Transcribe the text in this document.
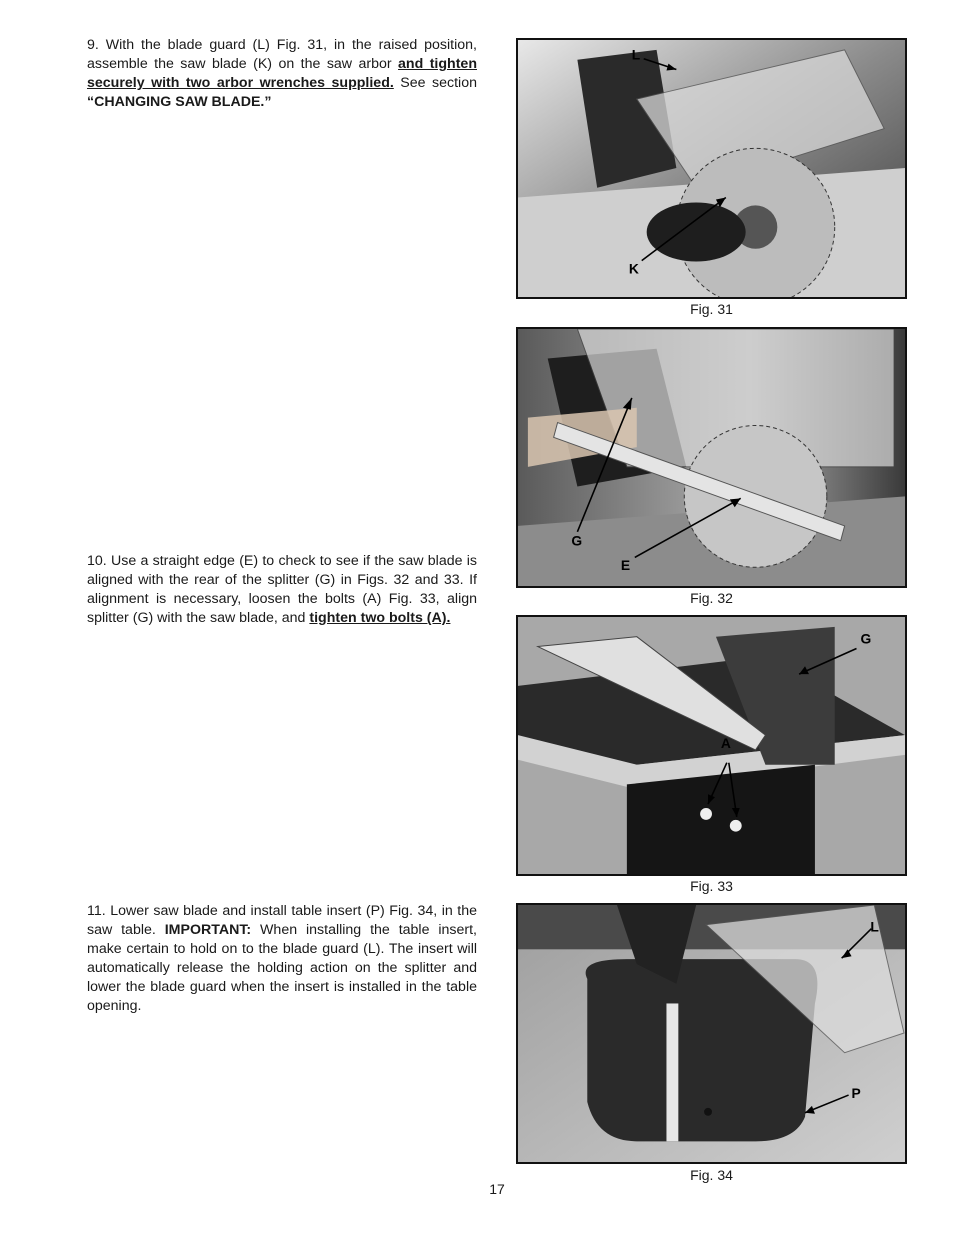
9. With the blade guard (L) Fig. 31, in the raised position, assemble the saw blade (K) on the saw arbor and tighten securely with two arbor wrenches supplied. See section “CHANGING SAW BLADE.”

10. Use a straight edge (E) to check to see if the saw blade is aligned with the rear of the splitter (G) in Figs. 32 and 33. If alignment is necessary, loosen the bolts (A) Fig. 33, align splitter (G) with the saw blade, and tighten two bolts (A).

11. Lower saw blade and install table insert (P) Fig. 34, in the saw table. IMPORTANT: When installing the table insert, make certain to hold on to the blade guard (L). The insert will automatically release the holding action on the splitter and lower the blade guard when the insert is installed in the table opening.

L
K
Fig. 31
G
E
Fig. 32
G
A
Fig. 33
L
P
Fig. 34
17
